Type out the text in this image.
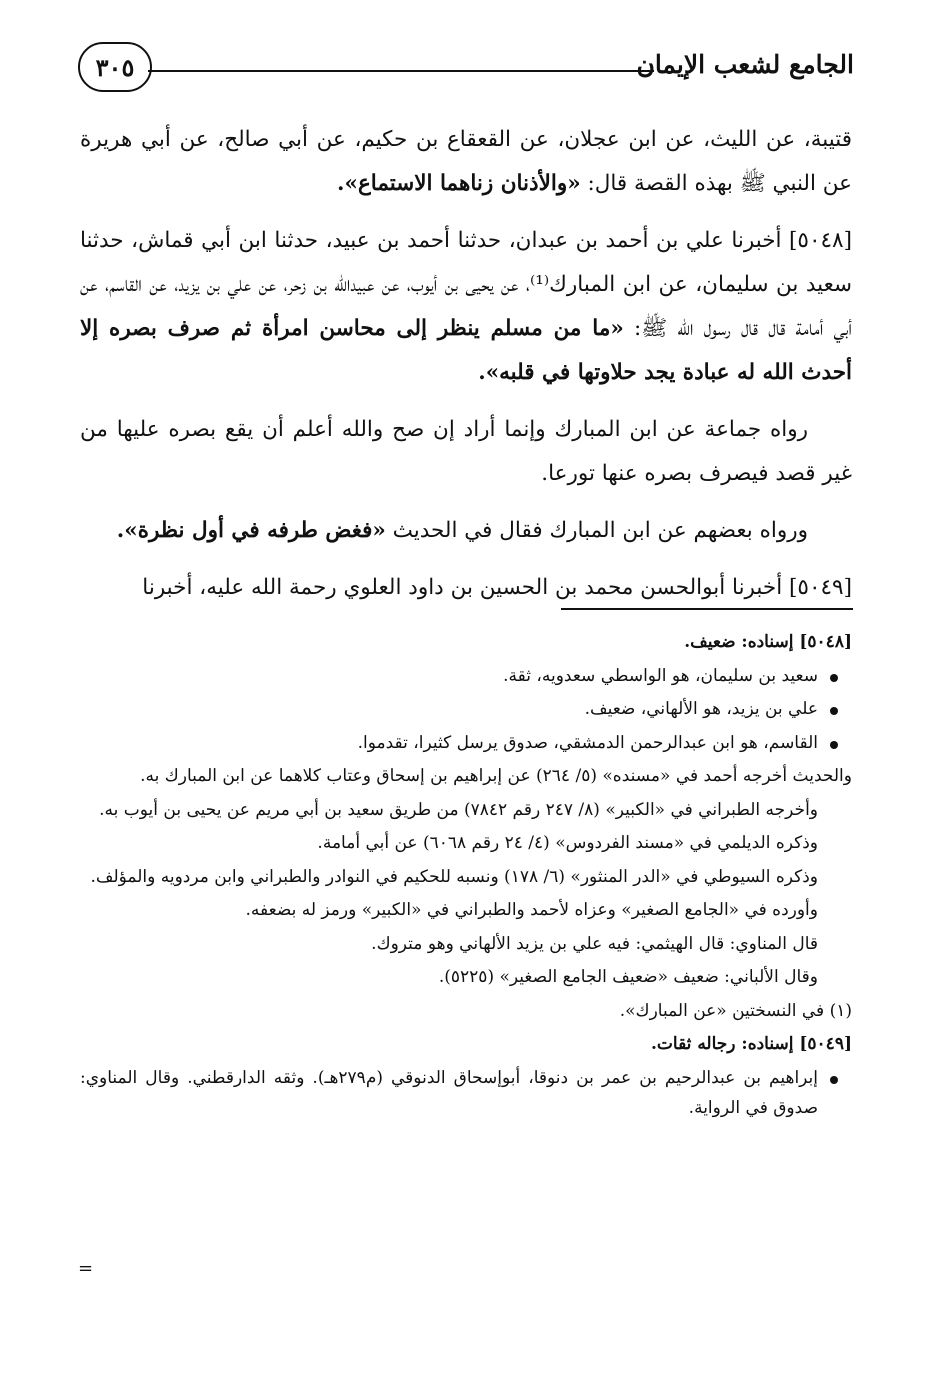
الجامع لشعب الإيمان
٣٠٥

قتيبة، عن الليث، عن ابن عجلان، عن القعقاع بن حكيم، عن أبي صالح، عن أبي هريرة عن النبي ﷺ بهذه القصة قال: «والأذنان زناهما الاستماع».

[٥٠٤٨] أخبرنا علي بن أحمد بن عبدان، حدثنا أحمد بن عبيد، حدثنا ابن أبي قماش، حدثنا سعيد بن سليمان، عن ابن المبارك⁽¹⁾، عن يحيى بن أيوب، عن عبيدالله بن زحر، عن علي بن يزيد، عن القاسم، عن أبي أمامة قال قال رسول الله ﷺ: «ما من مسلم ينظر إلى محاسن امرأة ثم صرف بصره إلا أحدث الله له عبادة يجد حلاوتها في قلبه».

رواه جماعة عن ابن المبارك وإنما أراد إن صح والله أعلم أن يقع بصره عليها من غير قصد فيصرف بصره عنها تورعا.

ورواه بعضهم عن ابن المبارك فقال في الحديث «فغض طرفه في أول نظرة».

[٥٠٤٩] أخبرنا أبوالحسن محمد بن الحسين بن داود العلوي رحمة الله عليه، أخبرنا

[٥٠٤٨] إسناده: ضعيف.
سعيد بن سليمان، هو الواسطي سعدويه، ثقة.
علي بن يزيد، هو الألهاني، ضعيف.
القاسم، هو ابن عبدالرحمن الدمشقي، صدوق يرسل كثيرا، تقدموا.
والحديث أخرجه أحمد في «مسنده» (٥/ ٢٦٤) عن إبراهيم بن إسحاق وعتاب كلاهما عن ابن المبارك به.
وأخرجه الطبراني في «الكبير» (٨/ ٢٤٧ رقم ٧٨٤٢) من طريق سعيد بن أبي مريم عن يحيى بن أيوب به.
وذكره الديلمي في «مسند الفردوس» (٤/ ٢٤ رقم ٦٠٦٨) عن أبي أمامة.
وذكره السيوطي في «الدر المنثور» (٦/ ١٧٨) ونسبه للحكيم في النوادر والطبراني وابن مردويه والمؤلف.
وأورده في «الجامع الصغير» وعزاه لأحمد والطبراني في «الكبير» ورمز له بضعفه.
قال المناوي: قال الهيثمي: فيه علي بن يزيد الألهاني وهو متروك.
وقال الألباني: ضعيف «ضعيف الجامع الصغير» (٥٢٢٥).
(١) في النسختين «عن المبارك».
[٥٠٤٩] إسناده: رجاله ثقات.
إبراهيم بن عبدالرحيم بن عمر بن دنوقا، أبوإسحاق الدنوقي (م٢٧٩هـ). وثقه الدارقطني. وقال المناوي: صدوق في الرواية.
=
